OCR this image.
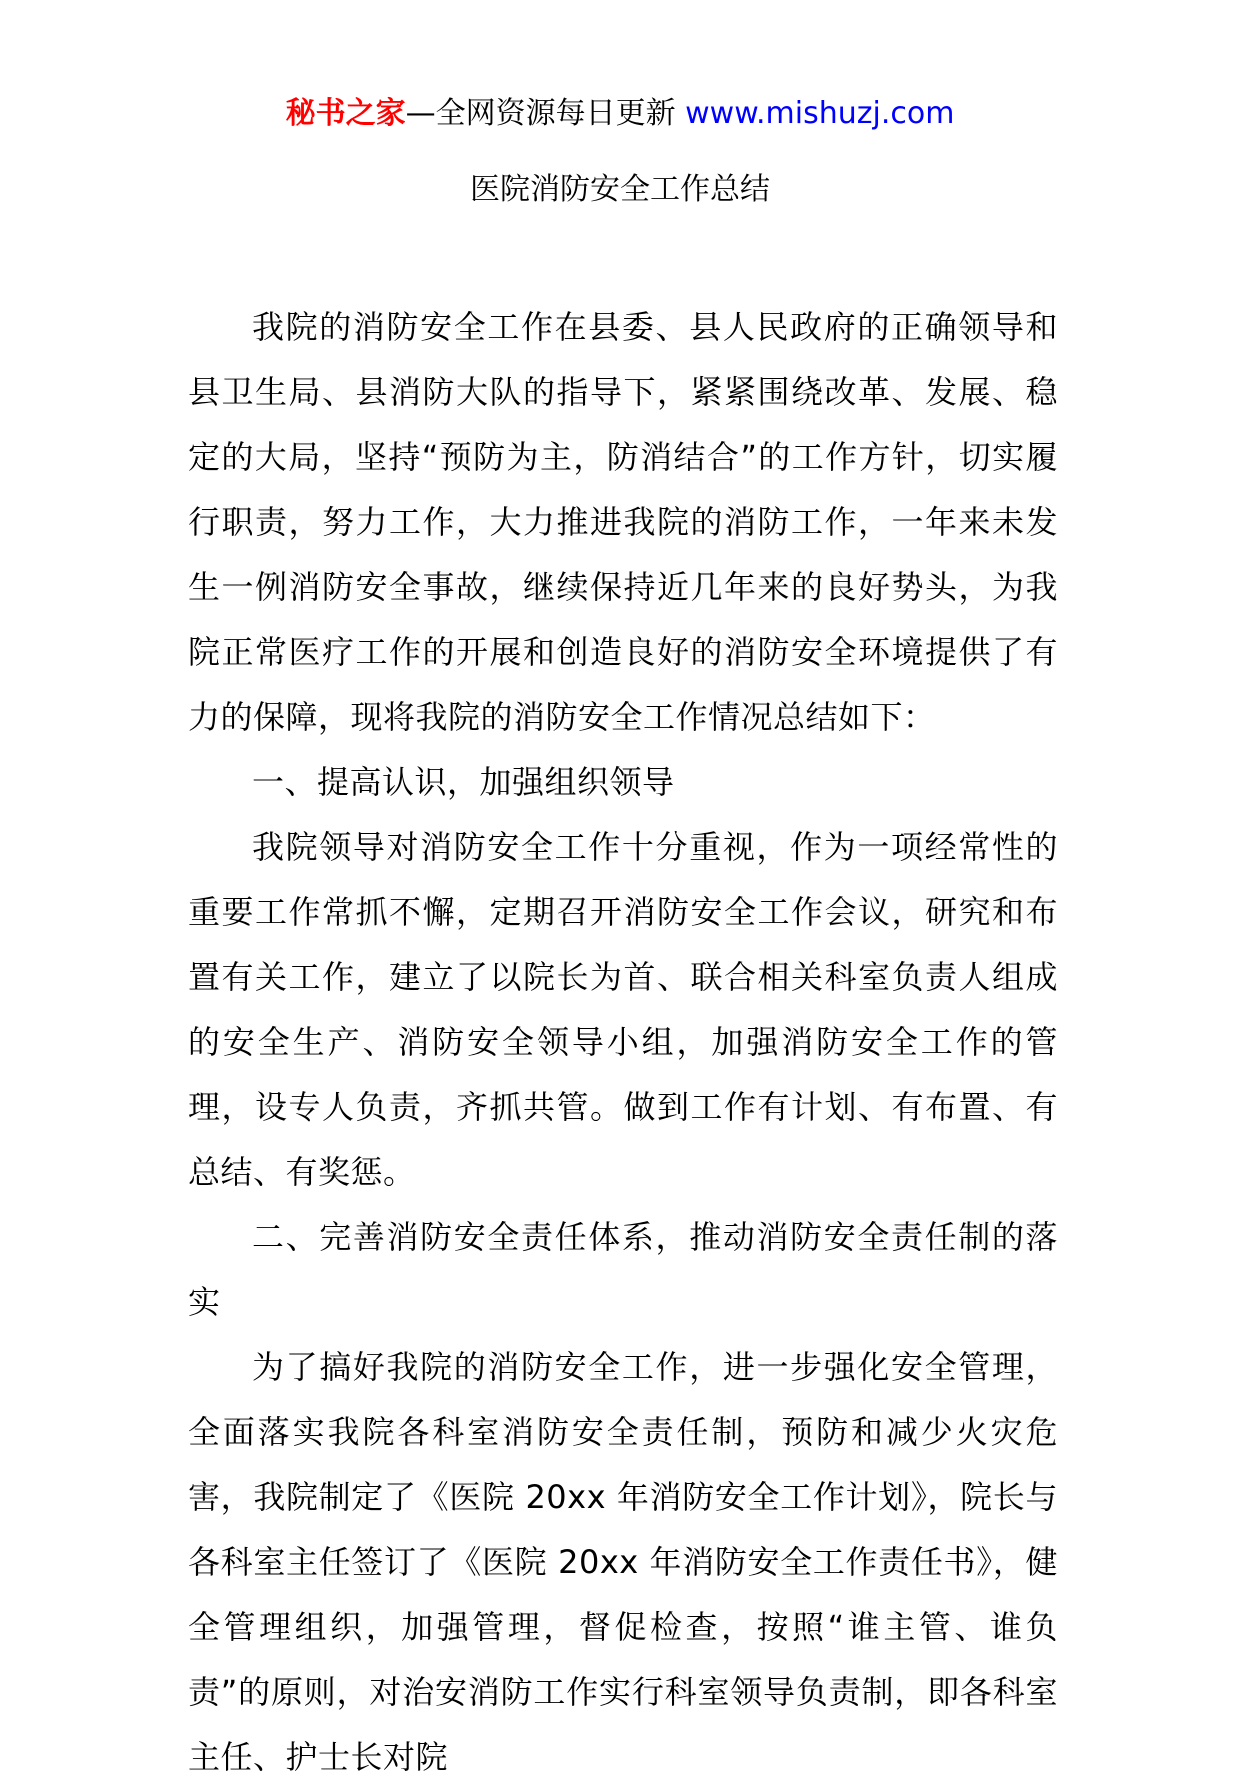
秘书之家—全网资源每日更新 www.mishuzj.com
医院消防安全工作总结

我院的消防安全工作在县委、县人民政府的正确领导和县卫生局、县消防大队的指导下，紧紧围绕改革、发展、稳定的大局，坚持“预防为主，防消结合”的工作方针，切实履行职责，努力工作，大力推进我院的消防工作，一年来未发生一例消防安全事故，继续保持近几年来的良好势头，为我院正常医疗工作的开展和创造良好的消防安全环境提供了有力的保障，现将我院的消防安全工作情况总结如下：

一、提高认识，加强组织领导

我院领导对消防安全工作十分重视，作为一项经常性的重要工作常抓不懈，定期召开消防安全工作会议，研究和布置有关工作，建立了以院长为首、联合相关科室负责人组成的安全生产、消防安全领导小组，加强消防安全工作的管理，设专人负责，齐抓共管。做到工作有计划、有布置、有总结、有奖惩。

二、完善消防安全责任体系，推动消防安全责任制的落实

为了搞好我院的消防安全工作，进一步强化安全管理，全面落实我院各科室消防安全责任制，预防和减少火灾危害，我院制定了《医院 20xx 年消防安全工作计划》，院长与各科室主任签订了《医院 20xx 年消防安全工作责任书》，健全管理组织，加强管理，督促检查，按照“谁主管、谁负责”的原则，对治安消防工作实行科室领导负责制，即各科室主任、护士长对院
